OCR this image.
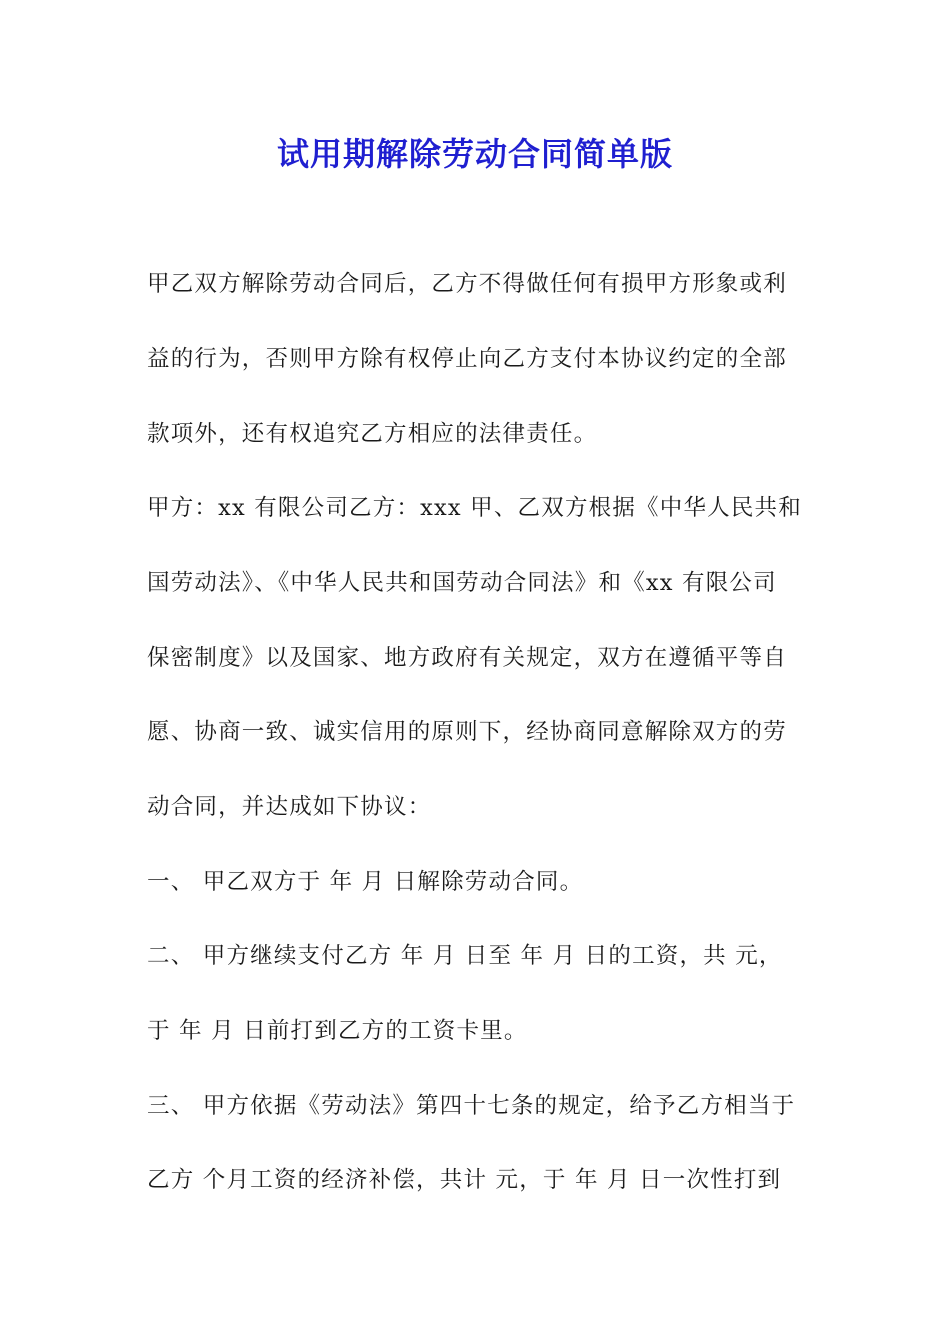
试用期解除劳动合同简单版
甲乙双方解除劳动合同后，乙方不得做任何有损甲方形象或利
益的行为，否则甲方除有权停止向乙方支付本协议约定的全部
款项外，还有权追究乙方相应的法律责任。
甲方：xx 有限公司乙方：xxx 甲、乙双方根据《中华人民共和
国劳动法》、《中华人民共和国劳动合同法》和《xx 有限公司
保密制度》以及国家、地方政府有关规定，双方在遵循平等自
愿、协商一致、诚实信用的原则下，经协商同意解除双方的劳
动合同，并达成如下协议：
一、 甲乙双方于 年 月 日解除劳动合同。
二、 甲方继续支付乙方 年 月 日至 年 月 日的工资，共 元，
于 年 月 日前打到乙方的工资卡里。
三、 甲方依据《劳动法》第四十七条的规定，给予乙方相当于
乙方 个月工资的经济补偿，共计 元，于 年 月 日一次性打到
